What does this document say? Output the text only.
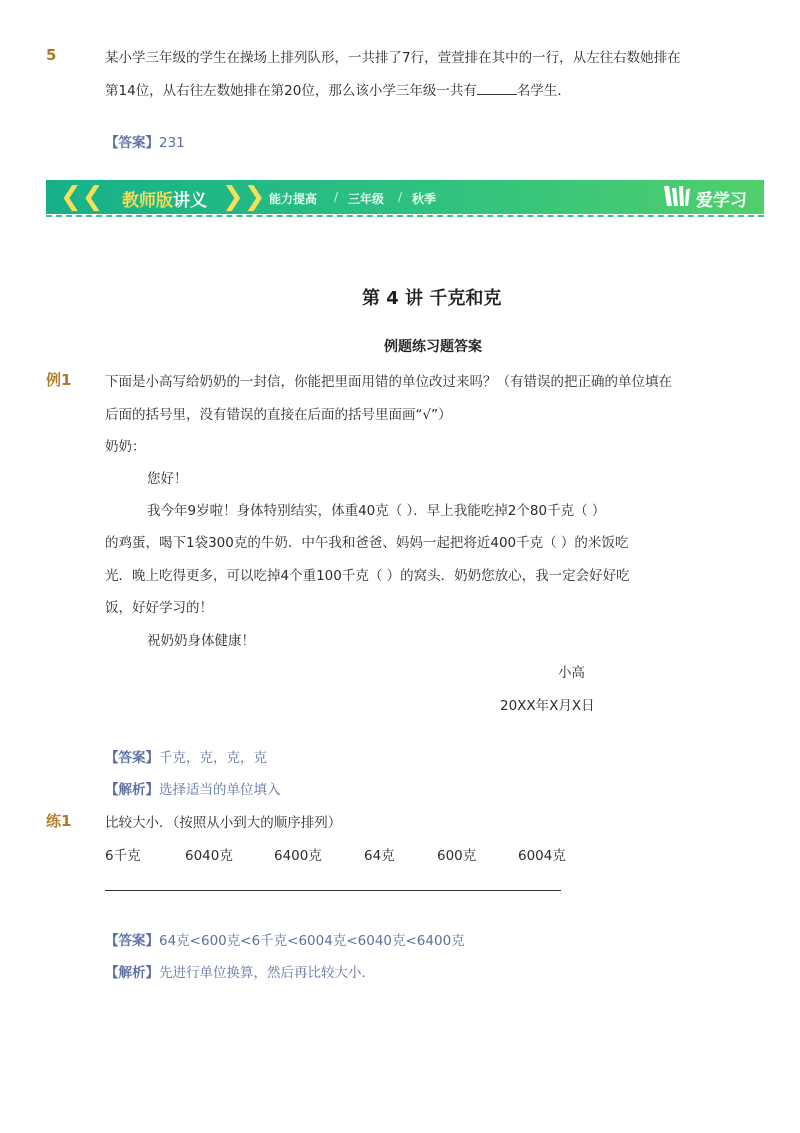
5	某小学三年级的学生在操场上排列队形，一共排了7行，萱萱排在其中的一行，从左往右数她排在
第14位，从右往左数她排在第20位，那么该小学三年级一共有	名学生．
【答案】231
❮❮ 教师版讲义 ❯❯ 能力提高 / 三年级 / 秋季	爱学习
第 4 讲 千克和克
例题练习题答案
例1 下面是小高写给奶奶的一封信，你能把里面用错的单位改过来吗？（有错误的把正确的单位填在
后面的括号里，没有错误的直接在后面的括号里面画“√”）
奶奶：
您好！
我今年9岁啦！身体特别结实，体重40克（ ）．早上我能吃掉2个80千克（ ）
的鸡蛋，喝下1袋300克的牛奶．中午我和爸爸、妈妈一起把将近400千克（ ）的米饭吃
光．晚上吃得更多，可以吃掉4个重100千克（ ）的窝头．奶奶您放心，我一定会好好吃
饭，好好学习的！
祝奶奶身体健康！
小高
20XX年X月X日
【答案】千克，克，克，克
【解析】选择适当的单位填入
练1 比较大小．（按照从小到大的顺序排列）
6千克	6040克	6400克	64克	600克	6004克
【答案】64克<600克<6千克<6004克<6040克<6400克
【解析】先进行单位换算，然后再比较大小．
